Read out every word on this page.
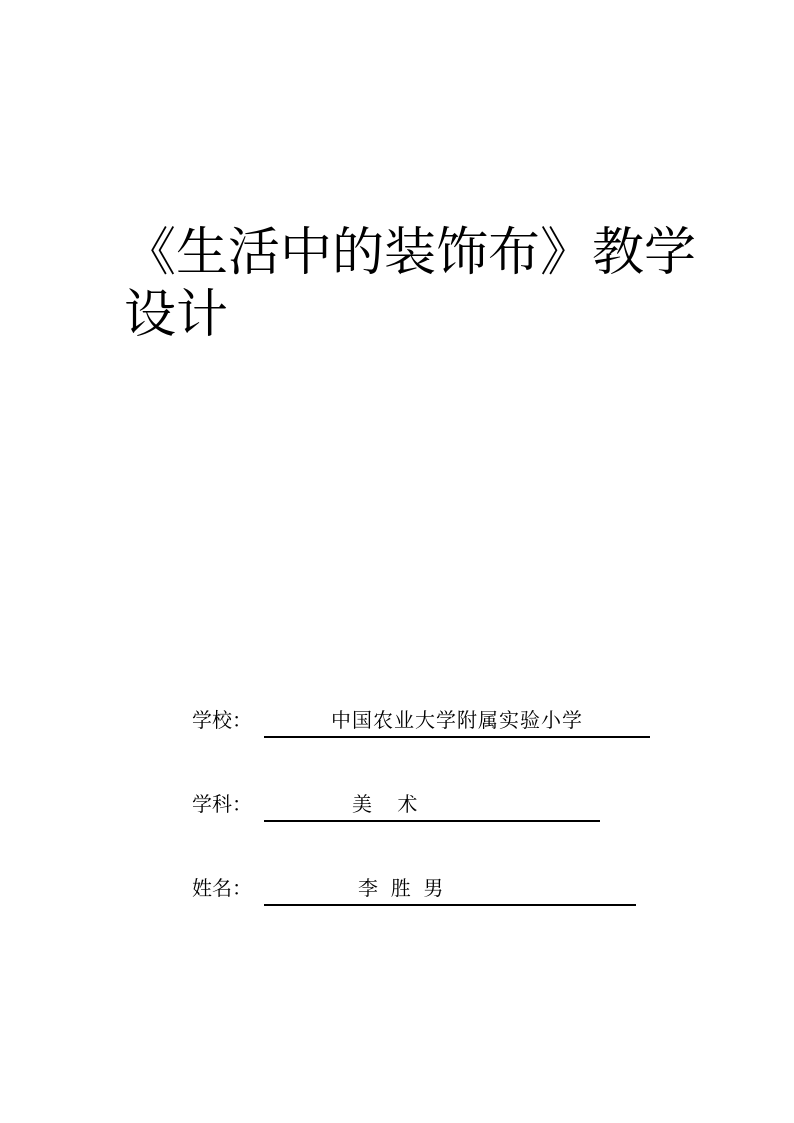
《生活中的装饰布》教学
设计
学校：	中国农业大学附属实验小学
学科：	美    术
姓名：	李  胜  男
